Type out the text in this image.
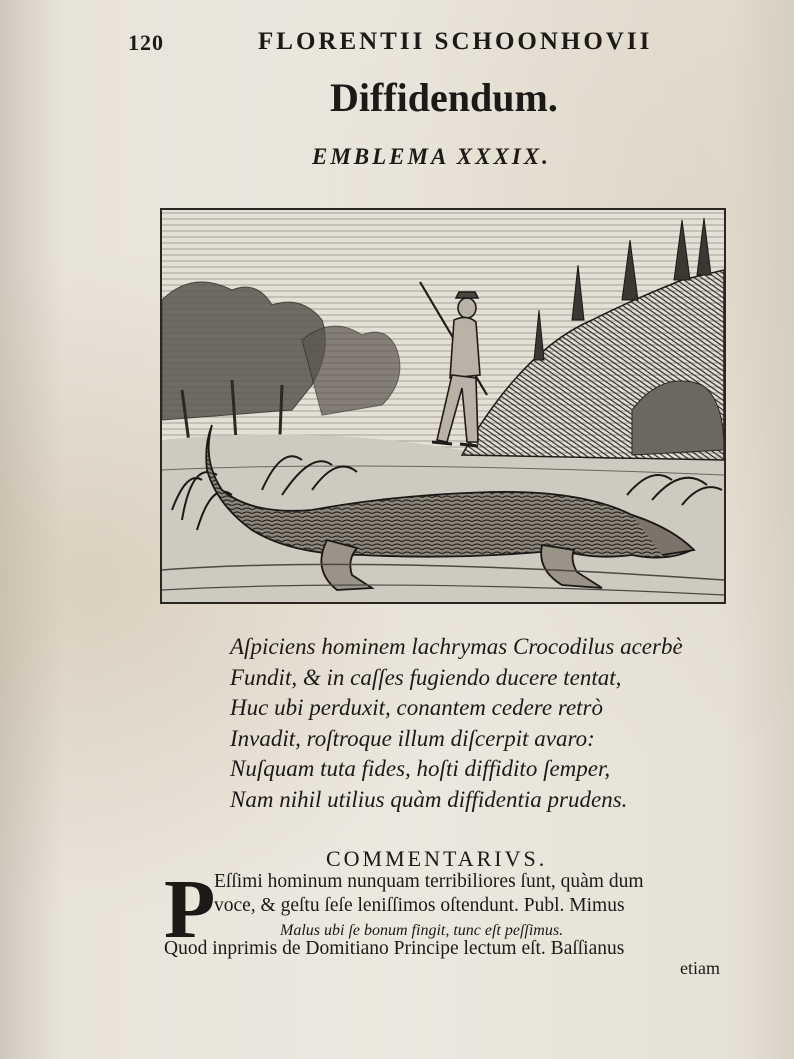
120	FLORENTII SCHOONHOVII
Diffidendum.
EMBLEMA XXXIX.
Aſpiciens hominem lachrymas Crocodilus acerbè
Fundit, & in caſſes fugiendo ducere tentat,
Huc ubi perduxit, conantem cedere retrò
Invadit, roſtroque illum diſcerpit avaro:
Nuſquam tuta fides, hoſti diffidito ſemper,
Nam nihil utilius quàm diffidentia prudens.
COMMENTARIVS.
P
Eſſimi hominum nunquam terribiliores ſunt, quàm dum
voce, & geſtu ſeſe leniſſimos oſtendunt. Publ. Mimus
Malus ubi ſe bonum fingit, tunc eſt peſſimus.
Quod inprimis de Domitiano Principe lectum eſt. Baſſianus
etiam
